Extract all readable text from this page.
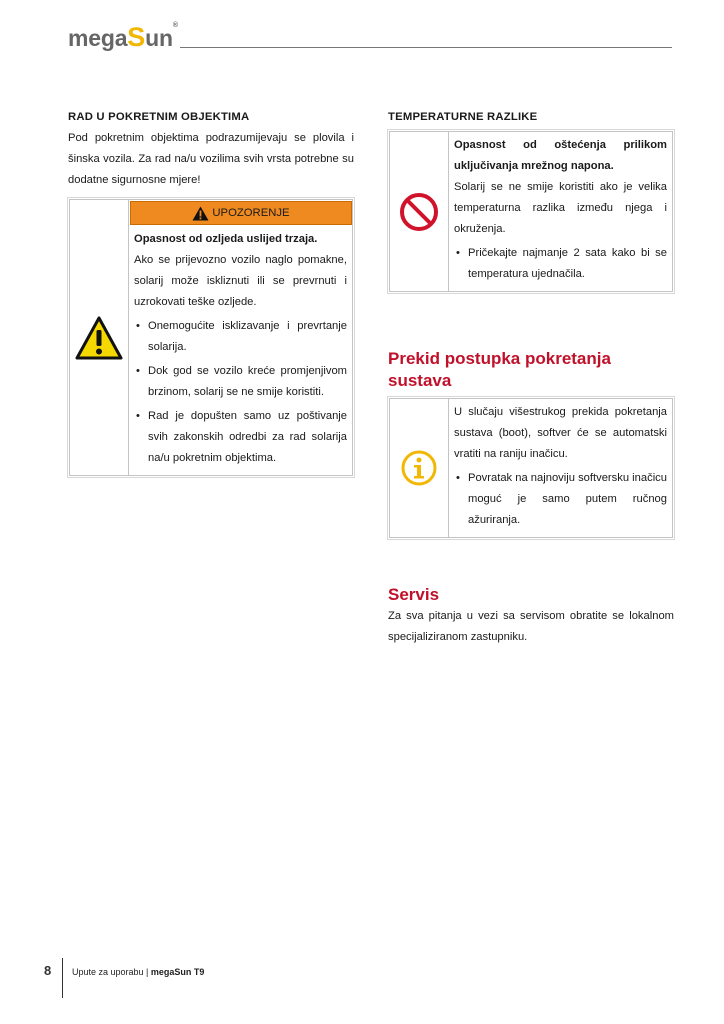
megaSun®
RAD U POKRETNIM OBJEKTIMA

Pod pokretnim objektima podrazumijevaju se plovila i šinska vozila. Za rad na/u vozilima svih vrsta potrebne su dodatne sigurnosne mjere!

UPOZORENJE

Opasnost od ozljeda uslijed trzaja.

Ako se prijevozno vozilo naglo pomakne, solarij može iskliznuti ili se prevrnuti i uzrokovati teške ozljede.

• Onemogućite isklizavanje i prevrtanje solarija.
• Dok god se vozilo kreće promjenjivom brzinom, solarij se ne smije koristiti.
• Rad je dopušten samo uz poštivanje svih zakonskih odredbi za rad solarija na/u pokretnim objektima.
TEMPERATURNE RAZLIKE

Opasnost od oštećenja prilikom uključivanja mrežnog napona.

Solarij se ne smije koristiti ako je velika temperaturna razlika između njega i okruženja.

• Pričekajte najmanje 2 sata kako bi se temperatura ujednačila.
Prekid postupka pokretanja sustava

U slučaju višestrukog prekida pokretanja sustava (boot), softver će se automatski vratiti na raniju inačicu.

• Povratak na najnoviju softversku inačicu moguć je samo putem ručnog ažuriranja.
Servis

Za sva pitanja u vezi sa servisom obratite se lokalnom specijaliziranom zastupniku.

8 Upute za uporabu | megaSun T9
